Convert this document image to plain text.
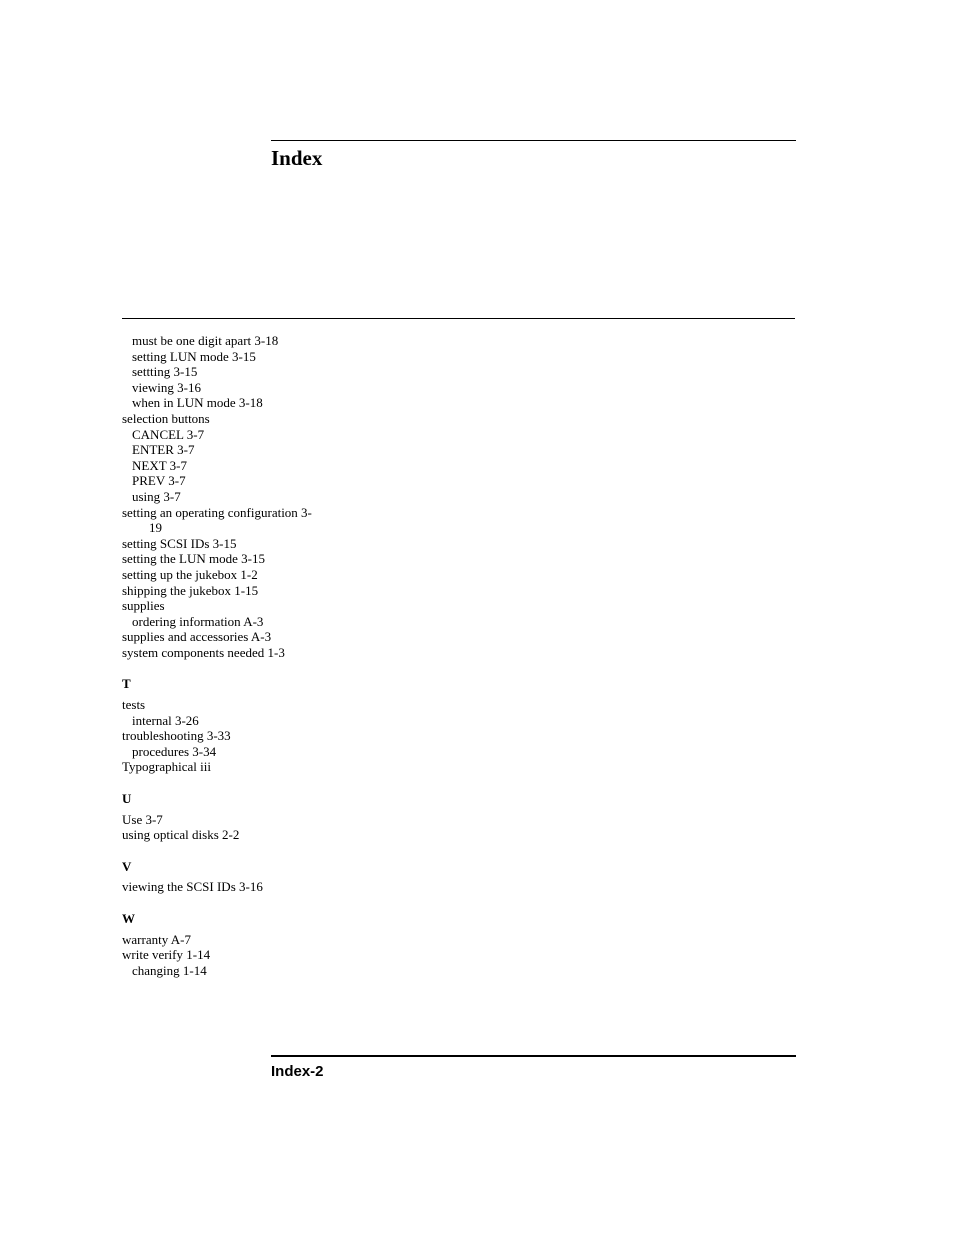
Index
must be one digit apart 3-18
setting LUN mode 3-15
settting 3-15
viewing 3-16
when in LUN mode 3-18
selection buttons
CANCEL 3-7
ENTER 3-7
NEXT 3-7
PREV 3-7
using 3-7
setting an operating configuration 3-
19
setting SCSI IDs 3-15
setting the LUN mode 3-15
setting up the jukebox 1-2
shipping the jukebox 1-15
supplies
ordering information A-3
supplies and accessories A-3
system components needed 1-3
T
tests
internal 3-26
troubleshooting 3-33
procedures 3-34
Typographical iii
U
Use 3-7
using optical disks 2-2
V
viewing the SCSI IDs 3-16
W
warranty A-7
write verify 1-14
changing 1-14
Index-2
